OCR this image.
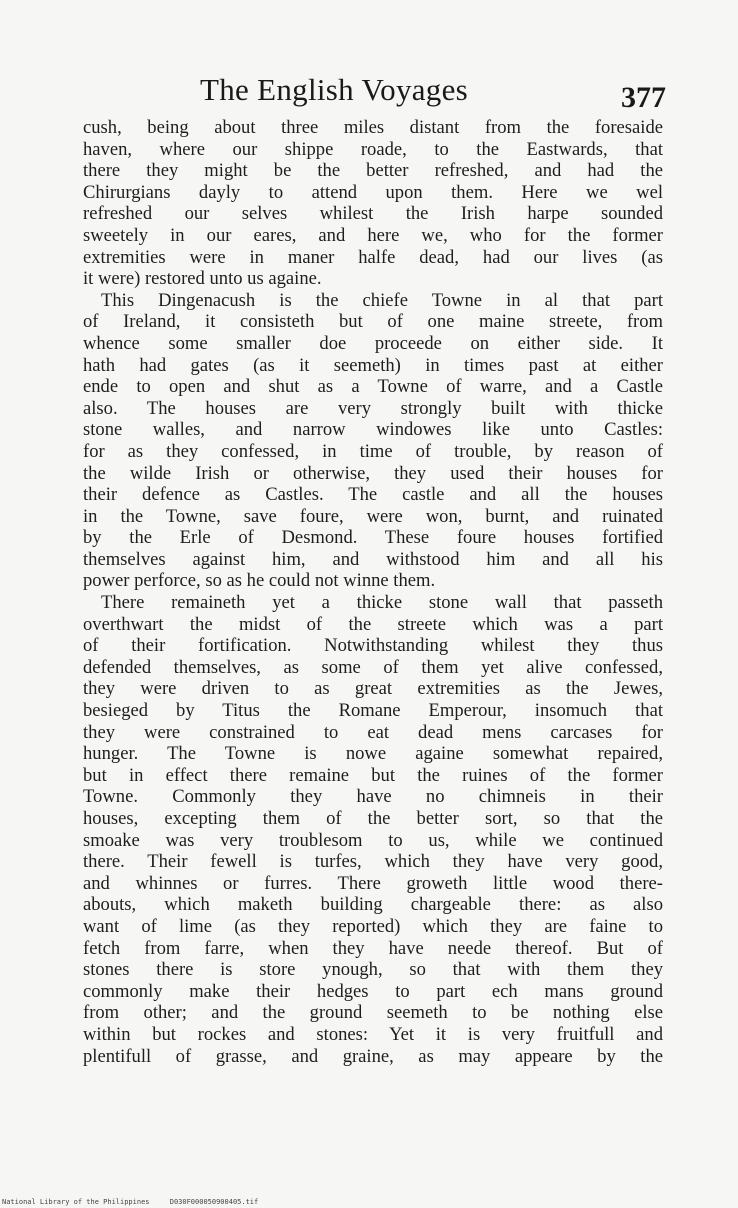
The English Voyages	377
cush, being about three miles distant from the foresaide
haven, where our shippe roade, to the Eastwards, that
there they might be the better refreshed, and had the
Chirurgians dayly to attend upon them. Here we wel
refreshed our selves whilest the Irish harpe sounded
sweetely in our eares, and here we, who for the former
extremities were in maner halfe dead, had our lives (as
it were) restored unto us againe.
This Dingenacush is the chiefe Towne in al that part
of Ireland, it consisteth but of one maine streete, from
whence some smaller doe proceede on either side. It
hath had gates (as it seemeth) in times past at either
ende to open and shut as a Towne of warre, and a Castle
also. The houses are very strongly built with thicke
stone walles, and narrow windowes like unto Castles:
for as they confessed, in time of trouble, by reason of
the wilde Irish or otherwise, they used their houses for
their defence as Castles. The castle and all the houses
in the Towne, save foure, were won, burnt, and ruinated
by the Erle of Desmond. These foure houses fortified
themselves against him, and withstood him and all his
power perforce, so as he could not winne them.
There remaineth yet a thicke stone wall that passeth
overthwart the midst of the streete which was a part
of their fortification. Notwithstanding whilest they thus
defended themselves, as some of them yet alive confessed,
they were driven to as great extremities as the Jewes,
besieged by Titus the Romane Emperour, insomuch that
they were constrained to eat dead mens carcases for
hunger. The Towne is nowe againe somewhat repaired,
but in effect there remaine but the ruines of the former
Towne. Commonly they have no chimneis in their
houses, excepting them of the better sort, so that the
smoake was very troublesom to us, while we continued
there. Their fewell is turfes, which they have very good,
and whinnes or furres. There groweth little wood there-
abouts, which maketh building chargeable there: as also
want of lime (as they reported) which they are faine to
fetch from farre, when they have neede thereof. But of
stones there is store ynough, so that with them they
commonly make their hedges to part ech mans ground
from other; and the ground seemeth to be nothing else
within but rockes and stones: Yet it is very fruitfull and
plentifull of grasse, and graine, as may appeare by the
National Library of the Philippines	D030F000050900405.tif
